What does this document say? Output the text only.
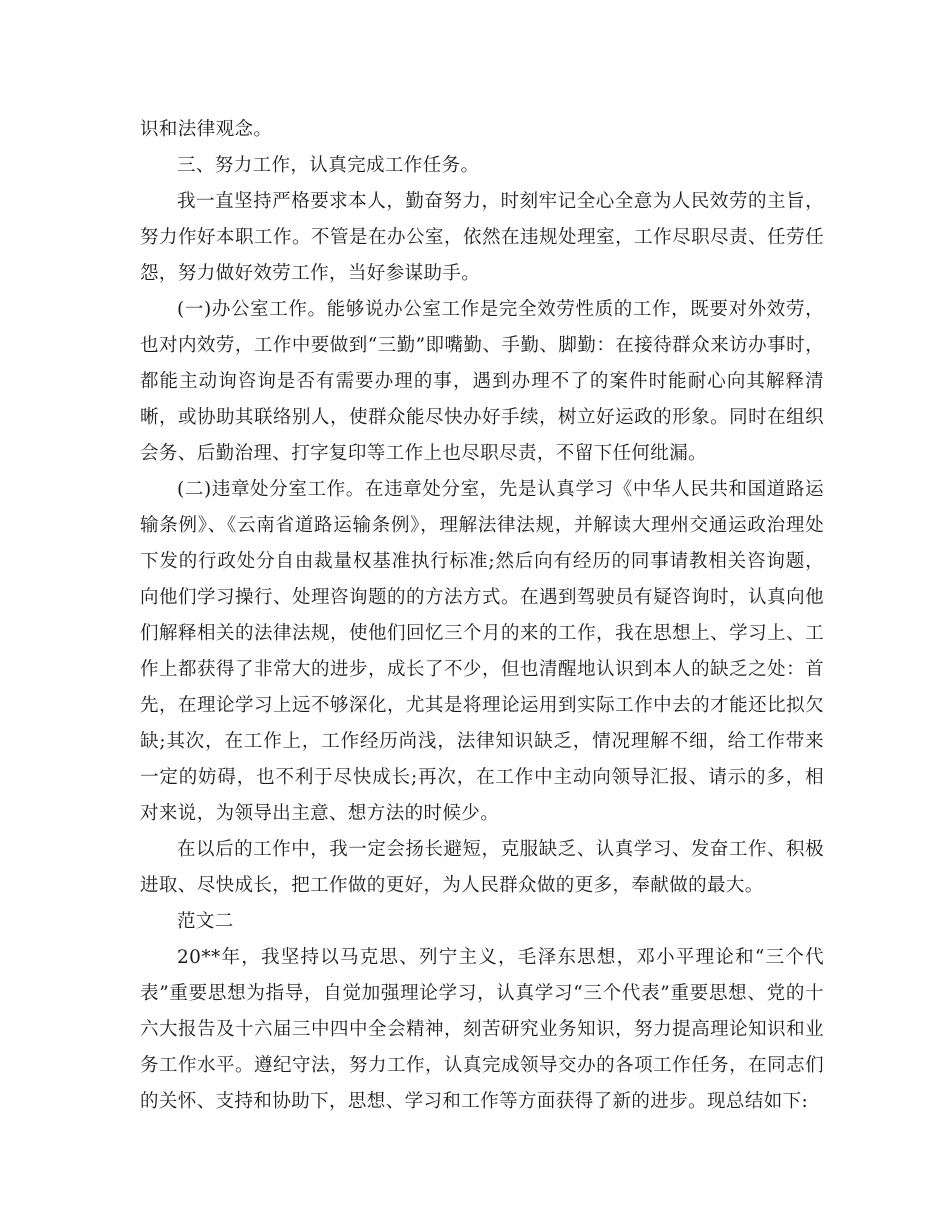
识和法律观念。

三、努力工作，认真完成工作任务。

我一直坚持严格要求本人，勤奋努力，时刻牢记全心全意为人民效劳的主旨，努力作好本职工作。不管是在办公室，依然在违规处理室，工作尽职尽责、任劳任怨，努力做好效劳工作，当好参谋助手。

(一)办公室工作。能够说办公室工作是完全效劳性质的工作，既要对外效劳，也对内效劳，工作中要做到“三勤”即嘴勤、手勤、脚勤：在接待群众来访办事时，都能主动询咨询是否有需要办理的事，遇到办理不了的案件时能耐心向其解释清晰，或协助其联络别人，使群众能尽快办好手续，树立好运政的形象。同时在组织会务、后勤治理、打字复印等工作上也尽职尽责，不留下任何纰漏。

(二)违章处分室工作。在违章处分室，先是认真学习《中华人民共和国道路运输条例》、《云南省道路运输条例》，理解法律法规，并解读大理州交通运政治理处下发的行政处分自由裁量权基准执行标准;然后向有经历的同事请教相关咨询题，向他们学习操行、处理咨询题的的方法方式。在遇到驾驶员有疑咨询时，认真向他们解释相关的法律法规，使他们回忆三个月的来的工作，我在思想上、学习上、工作上都获得了非常大的进步，成长了不少，但也清醒地认识到本人的缺乏之处：首先，在理论学习上远不够深化，尤其是将理论运用到实际工作中去的才能还比拟欠缺;其次，在工作上，工作经历尚浅，法律知识缺乏，情况理解不细，给工作带来一定的妨碍，也不利于尽快成长;再次，在工作中主动向领导汇报、请示的多，相对来说，为领导出主意、想方法的时候少。

在以后的工作中，我一定会扬长避短，克服缺乏、认真学习、发奋工作、积极进取、尽快成长，把工作做的更好，为人民群众做的更多，奉献做的最大。

范文二

20**年，我坚持以马克思、列宁主义，毛泽东思想，邓小平理论和“三个代表”重要思想为指导，自觉加强理论学习，认真学习“三个代表”重要思想、党的十六大报告及十六届三中四中全会精神，刻苦研究业务知识，努力提高理论知识和业务工作水平。遵纪守法，努力工作，认真完成领导交办的各项工作任务，在同志们的关怀、支持和协助下，思想、学习和工作等方面获得了新的进步。现总结如下:
